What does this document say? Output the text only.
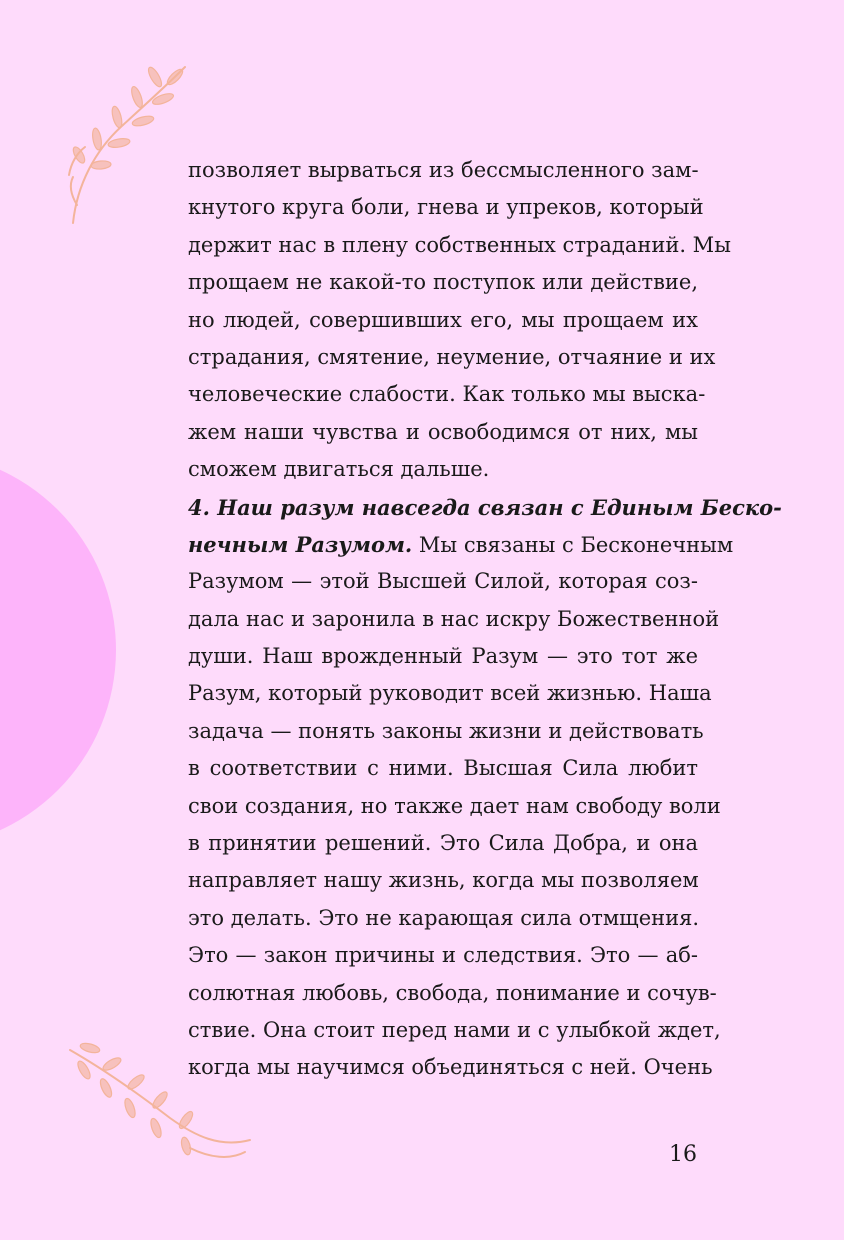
позволяет вырваться из бессмысленного зам-
кнутого круга боли, гнева и упреков, который
держит нас в плену собственных страданий. Мы
прощаем не какой-то поступок или действие,
но людей, совершивших его, мы прощаем их
страдания, смятение, неумение, отчаяние и их
человеческие слабости. Как только мы выска-
жем наши чувства и освободимся от них, мы
сможем двигаться дальше.
4. Наш разум навсегда связан с Единым Беско-
нечным Разумом. Мы связаны с Бесконечным
Разумом — этой Высшей Силой, которая соз-
дала нас и заронила в нас искру Божественной
души. Наш врожденный Разум — это тот же
Разум, который руководит всей жизнью. Наша
задача — понять законы жизни и действовать
в соответствии с ними. Высшая Сила любит
свои создания, но также дает нам свободу воли
в принятии решений. Это Сила Добра, и она
направляет нашу жизнь, когда мы позволяем
это делать. Это не карающая сила отмщения.
Это — закон причины и следствия. Это — аб-
солютная любовь, свобода, понимание и сочув-
ствие. Она стоит перед нами и с улыбкой ждет,
когда мы научимся объединяться с ней. Очень
16
